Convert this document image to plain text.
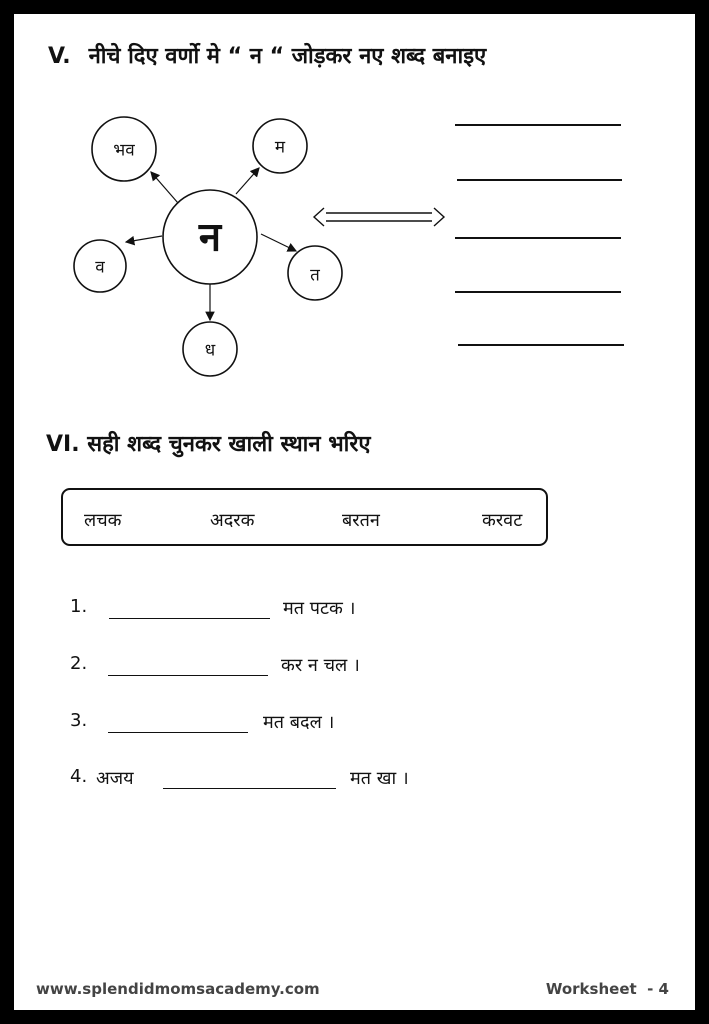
V. नीचे दिए वर्णो मे “ न “ जोड़कर नए शब्द बनाइए
न
भव	म
व	त
ध
VI. सही शब्द चुनकर खाली स्थान भरिए
लचक	अदरक	बरतन	करवट
1.	मत पटक ।
2.	कर न चल ।
3.	मत बदल ।
4. अजय	मत खा ।
www.splendidmomsacademy.com	Worksheet  - 4
